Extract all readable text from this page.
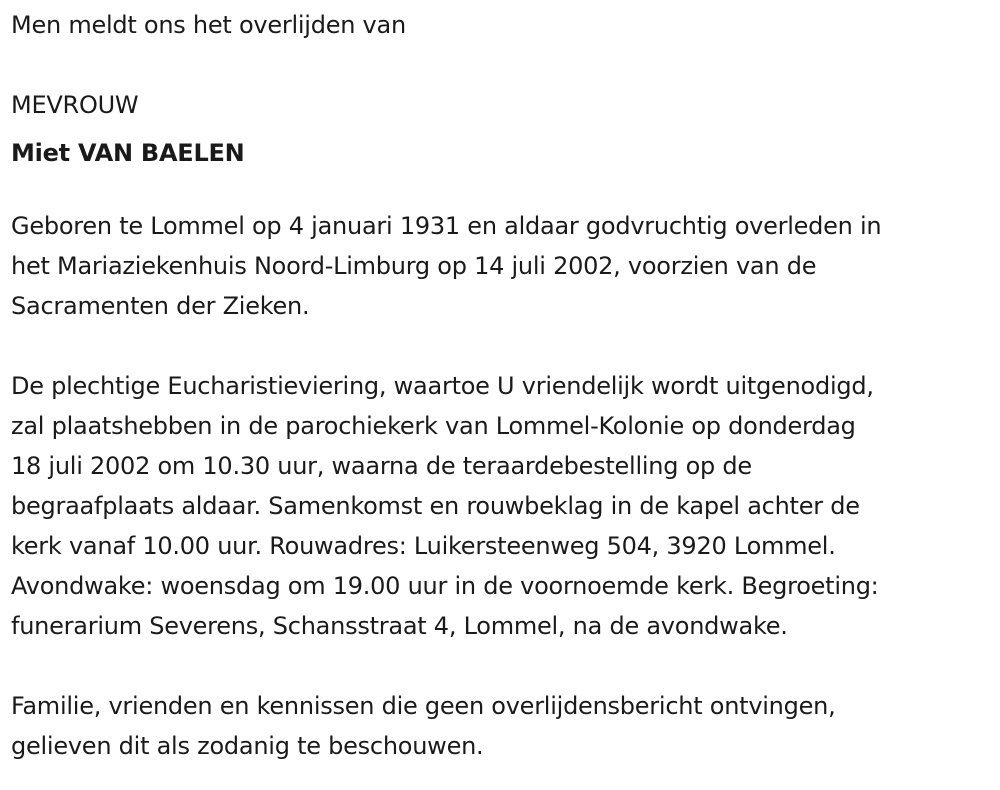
Men meldt ons het overlijden van
MEVROUW
Miet VAN BAELEN
Geboren te Lommel op 4 januari 1931 en aldaar godvruchtig overleden in
het Mariaziekenhuis Noord-Limburg op 14 juli 2002, voorzien van de
Sacramenten der Zieken.
De plechtige Eucharistieviering, waartoe U vriendelijk wordt uitgenodigd,
zal plaatshebben in de parochiekerk van Lommel-Kolonie op donderdag
18 juli 2002 om 10.30 uur, waarna de teraardebestelling op de
begraafplaats aldaar. Samenkomst en rouwbeklag in de kapel achter de
kerk vanaf 10.00 uur. Rouwadres: Luikersteenweg 504, 3920 Lommel.
Avondwake: woensdag om 19.00 uur in de voornoemde kerk. Begroeting:
funerarium Severens, Schansstraat 4, Lommel, na de avondwake.
Familie, vrienden en kennissen die geen overlijdensbericht ontvingen,
gelieven dit als zodanig te beschouwen.
